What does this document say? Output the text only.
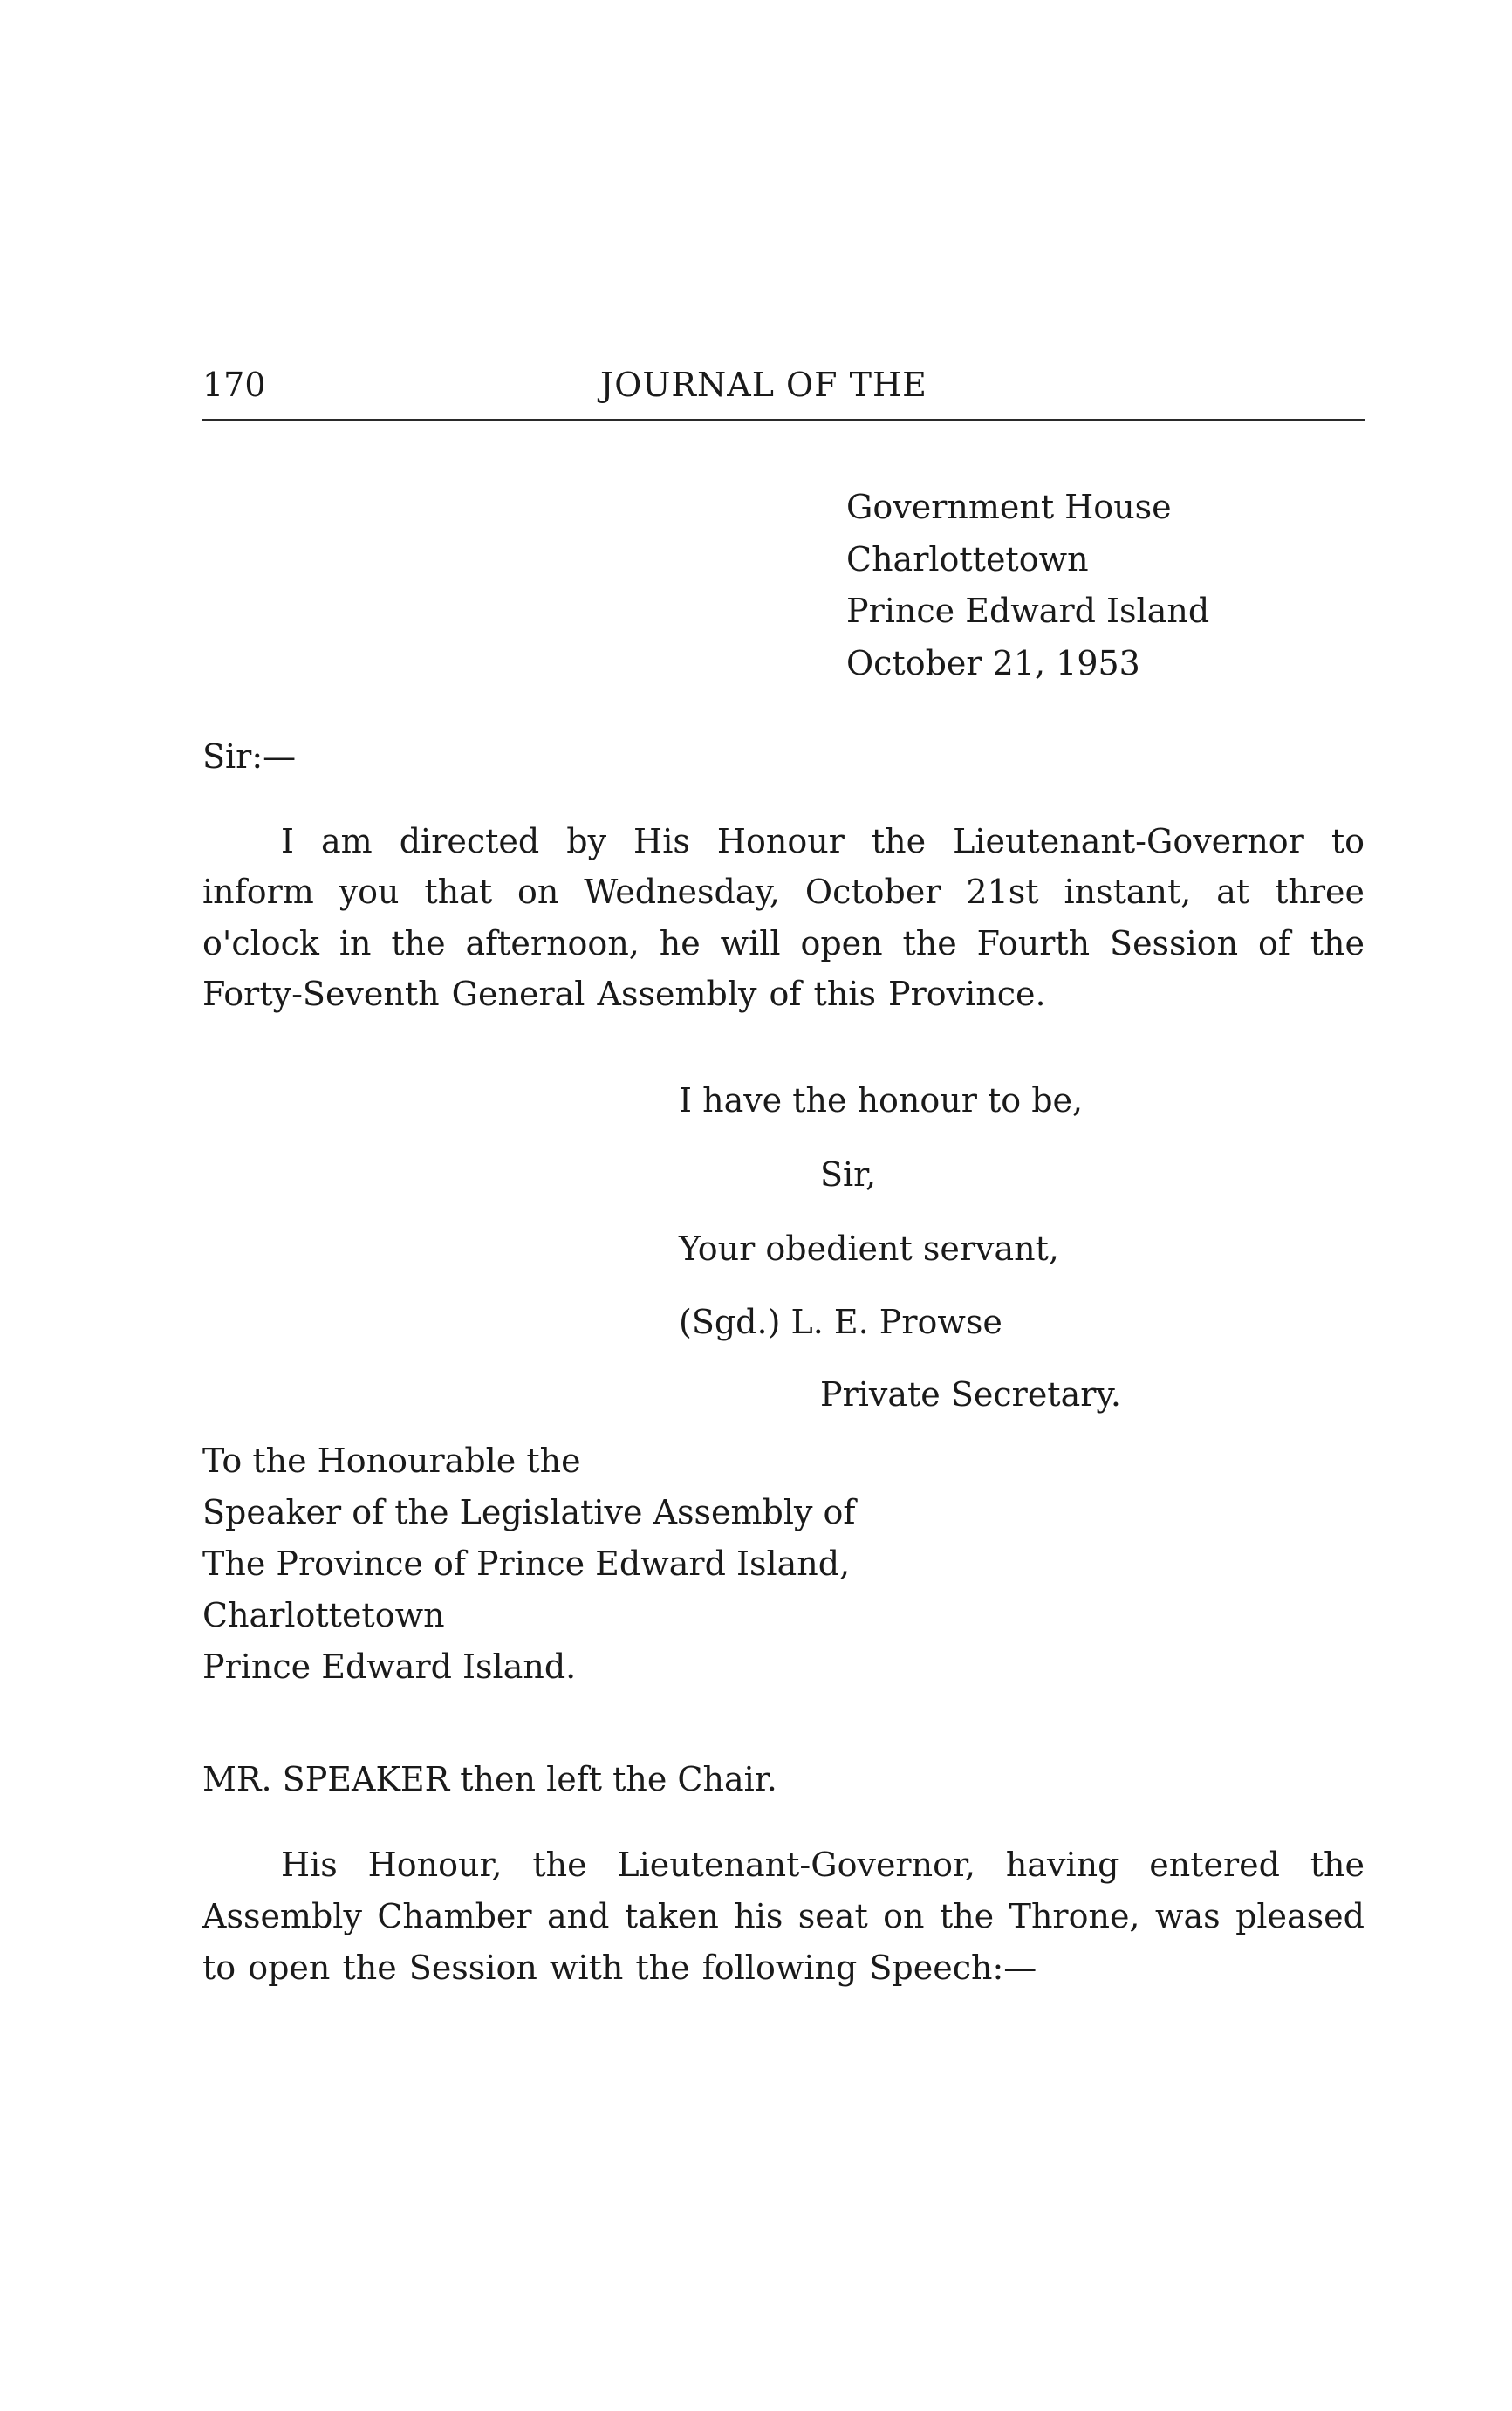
170	JOURNAL OF THE
Government House
Charlottetown
Prince Edward Island
October 21, 1953
Sir:—
I am directed by His Honour the Lieutenant-Governor to inform you that on Wednesday, October 21st instant, at three o'clock in the afternoon, he will open the Fourth Session of the Forty-Seventh General Assembly of this Province.
I have the honour to be,
Sir,
Your obedient servant,
(Sgd.) L. E. Prowse
Private Secretary.
To the Honourable the
Speaker of the Legislative Assembly of
The Province of Prince Edward Island,
Charlottetown
Prince Edward Island.
MR. SPEAKER then left the Chair.
His Honour, the Lieutenant-Governor, having entered the Assembly Chamber and taken his seat on the Throne, was pleased to open the Session with the following Speech:—
